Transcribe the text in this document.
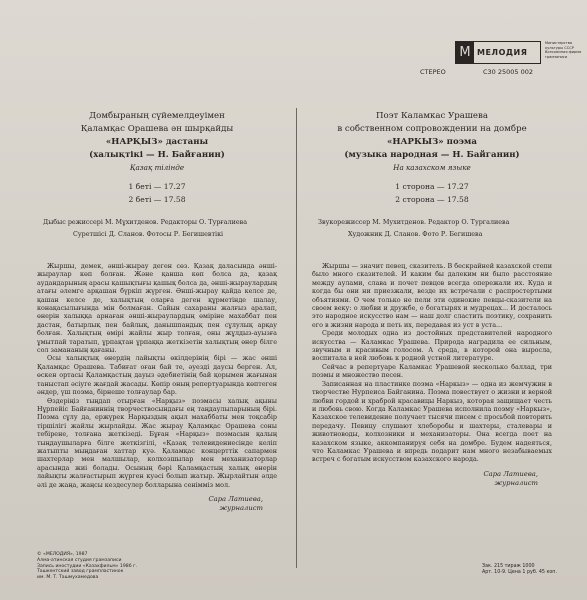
M МЕЛОДИЯ
Министерство культуры СССР Всесоюзная фирма грамзаписи
СТЕРЕО	С30 25005 002
Домбыраның сүйемелдеуімен
Қаламқас Орашева ән шырқайды
«НАРҚЫЗ» дастаны
(халықтікі — Н. Байғанин)
Қазақ тілінде
1 беті — 17.27
2 беті — 17.58
Дыбыс режиссері М. Мұхитденов. Редакторы О. Турғалиева
Суретшісі Д. Сланов. Фотосы Р. Бегишевтікі

Жыршы, демек, әнші-жырау деген сөз. Қазақ даласында әнші-жыраулар көп болған. Және қанша көп болса да, қазақ аудандарының арасы қашықтығы қашық болса да, әнші-жыраулардың атағы әлемге арқашан бүркіп жүрген. Әнші-жырау қайда келсе де, қашан келсе де, халықтың оларға деген құрметінде шалау, конақасылығында мін болмаған. Сайын сахараны жалғыз аралап, өнерін халыққа арнаған әнші-жыраулардың өміріне махаббат пен дастан, батырлық пен байлық, данышпандық пен сұлулық арқау болған. Халықтың өмірі жайлы жыр толған, оны жұлдыз-ауызға ұмытпай таратып, ұрпақтан ұрпаққа жеткізетін халықтың өнер білге сол замананың қағаны.

Осы халықтық өнердің лайықты өкілдерінің бірі — жас әнші Қаламқас Орашева. Табиғат оған бай те, әуезді даусы берген. Ал, өскен ортасы Қаламқастың дауыз әдебиетінің бай қорымен жағынан таныстап әсіуге жағдай жасады. Көпір оның репертуарында көптеген әндер, үш поэма, бірнеше толғаулар бар.

Өздеріңіз тыңдап отырған «Нарқыз» поэмасы халық ақыны Нұрпейіс Байғаниннің творчествосындағы ең таңдаулыларының бірі. Поэма сұлу да, ержүрек Нарқыздың ақыл махаббаты мен тоқсабір тіршілігі жайлы жырлайды. Жас жырау Қаламқас Орашева соны тебірене, толғана жеткізеді. Бұған «Нарқыз» поэмасын қалың тыңдаушыларға білге жеткізгілі, «Қазақ телевидениесінде келіп жатыпты мыңдаған хаттар куә. Қаламқас концерттік сапармен шахтерлар мен малшылар, колхозшылар мен механизаторлар арасында жиі болады. Осының бәрі Қаламқастың халық өнерін лайықты жалғастырып жүрген куәсі болып жатыр. Жырлайтын әлде әлі де жаңа, жаңсы кездесулер болларына сенімміз мол.

Сара Латиева,
журналист
Поэт Каламкас Урашева
в собственном сопровождении на домбре
«НАРКЫЗ» поэма
(музыка народная — Н. Байганин)
На казахском языке
1 сторона — 17.27
2 сторона — 17.58
Звукорежиссер М. Мухитденов. Редактор О. Тургалиева
Художник Д. Сланов. Фото Р. Бегишева

Жыршы — значит певец, сказитель. В бескрайней казахской степи было много сказителей. И каким бы далеким ни было расстояние между аулами, слава и почет певцов всегда опережали их. Куда и когда бы они ни приезжали, везде их встречали с распростертыми объятиями. О чем только не пели эти одинокие певцы-сказители на своем веку: о любви и дружбе, о богатырях и мудрецах... И досталось это народное искусство нам — наш долг сластить поэтику, сохранить его в жизни народа и петь их, передавая из уст в уста...

Среди молодых одна из достойных представителей народного искусства — Каламкас Урашева. Природа наградила ее сильным, звучным и красивым голосом. А среда, в которой она выросла, воспитала в ней любовь к родной устной литературе.

Сейчас в репертуаре Каламкас Урашевой несколько баллад, три поэмы и множество песен.

Записанная на пластинке поэма «Наркыз» — одна из жемчужин в творчестве Нурпеиса Байганина. Поэма повествует о жизни и верной любви гордой и храброй красавицы Наркыз, которая защищает честь и любовь свою. Когда Каламкас Урашева исполнила поэму «Наркыз», Казахское телевидение получает тысячи писем с просьбой повторить передачу. Певицу слушают хлеборобы и шахтеры, сталевары и животноводы, колхозники и механизаторы. Она всегда поет на казахском языке, аккомпанируя себя на домбре. Будем надеяться, что Каламкас Урашева и впредь подарит нам много незабываемых встреч с богатым искусством казахского народа.

Сара Латиева,
журналист
© «МЕЛОДИЯ», 1987
Алма-атинская студия грамзаписи
Запись иностудии «Казахфильм» 1986 г.
Ташкентский завод грампластинок
им. М. Т. Ташмухамедова
Зак. 215 тираж 1000
Арт. 10-9. Цена 1 руб. 45 коп.
